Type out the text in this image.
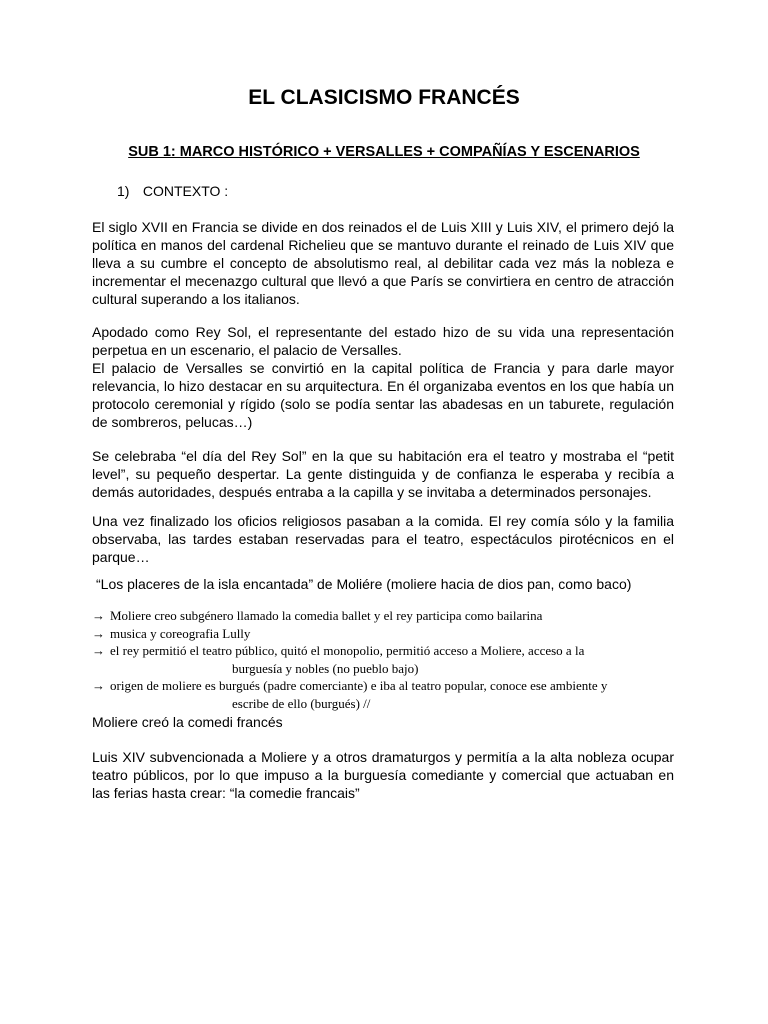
EL CLASICISMO FRANCÉS
SUB 1: MARCO HISTÓRICO + VERSALLES + COMPAÑÍAS Y ESCENARIOS
1) CONTEXTO :

El siglo XVII en Francia se divide en dos reinados el de Luis XIII y Luis XIV, el primero dejó la política en manos del cardenal Richelieu que se mantuvo durante el reinado de Luis XIV que lleva a su cumbre el concepto de absolutismo real, al debilitar cada vez más la nobleza e incrementar el mecenazgo cultural que llevó a que París se convirtiera en centro de atracción cultural superando a los italianos.

Apodado como Rey Sol, el representante del estado hizo de su vida una representación perpetua en un escenario, el palacio de Versalles.

El palacio de Versalles se convirtió en la capital política de Francia y para darle mayor relevancia, lo hizo destacar en su arquitectura. En él organizaba eventos en los que había un protocolo ceremonial y rígido (solo se podía sentar las abadesas en un taburete, regulación de sombreros, pelucas…)

Se celebraba “el día del Rey Sol” en la que su habitación era el teatro y mostraba el “petit level”, su pequeño despertar. La gente distinguida y de confianza le esperaba y recibía a demás autoridades, después entraba a la capilla y se invitaba a determinados personajes.

Una vez finalizado los oficios religiosos pasaban a la comida. El rey comía sólo y la familia observaba, las tardes estaban reservadas para el teatro, espectáculos pirotécnicos en el parque…

“Los placeres de la isla encantada” de Moliére (moliere hacia de dios pan, como baco)
→ Moliere creo subgénero llamado la comedia ballet y el rey participa como bailarina
→ musica y coreografia Lully
→ el rey permitió el teatro público, quitó el monopolio, permitió acceso a Moliere, acceso a la
burguesía y nobles (no pueblo bajo)
→ origen de moliere es burgués (padre comerciante) e iba al teatro popular, conoce ese ambiente y
escribe de ello (burgués) //

Moliere creó la comedi francés

Luis XIV subvencionada a Moliere y a otros dramaturgos y permitía a la alta nobleza ocupar teatro públicos, por lo que impuso a la burguesía comediante y comercial que actuaban en las ferias hasta crear: “la comedie francais”
